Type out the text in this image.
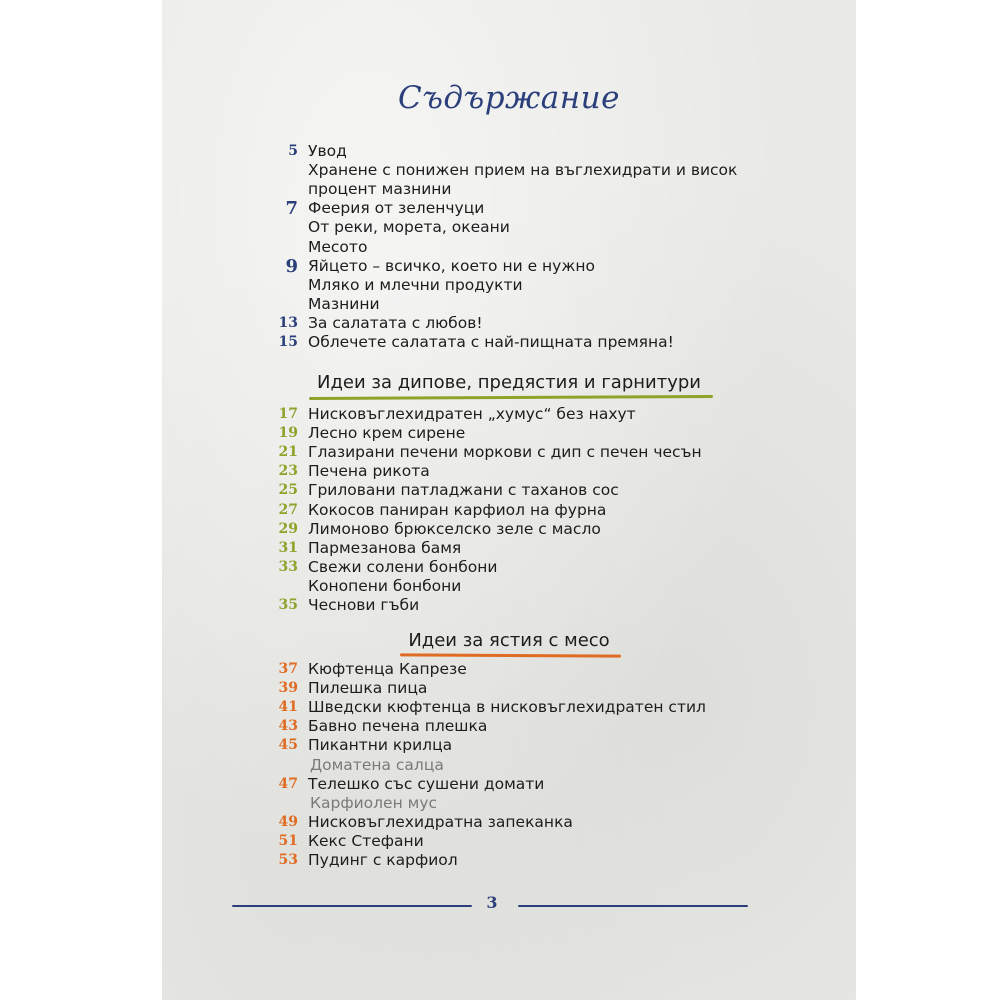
Съдържание
5 Увод
Хранене с понижен прием на въглехидрати и висок
процент мазнини
7 Феерия от зеленчуци
От реки, морета, океани
Месото
9 Яйцето – всичко, което ни е нужно
Мляко и млечни продукти
Мазнини
13 За салатата с любов!
15 Облечете салатата с най-пищната премяна!
Идеи за дипове, предястия и гарнитури
17 Нисковъглехидратен „хумус“ без нахут
19 Лесно крем сирене
21 Глазирани печени моркови с дип с печен чесън
23 Печена рикота
25 Гриловани патладжани с таханов сос
27 Кокосов паниран карфиол на фурна
29 Лимоново брюкселско зеле с масло
31 Пармезанова бамя
33 Свежи солени бонбони
Конопени бонбони
35 Чеснови гъби
Идеи за ястия с месо
37 Кюфтенца Капрезе
39 Пилешка пица
41 Шведски кюфтенца в нисковъглехидратен стил
43 Бавно печена плешка
45 Пикантни крилца
Доматена салца
47 Телешко със сушени домати
Карфиолен мус
49 Нисковъглехидратна запеканка
51 Кекс Стефани
53 Пудинг с карфиол
3
